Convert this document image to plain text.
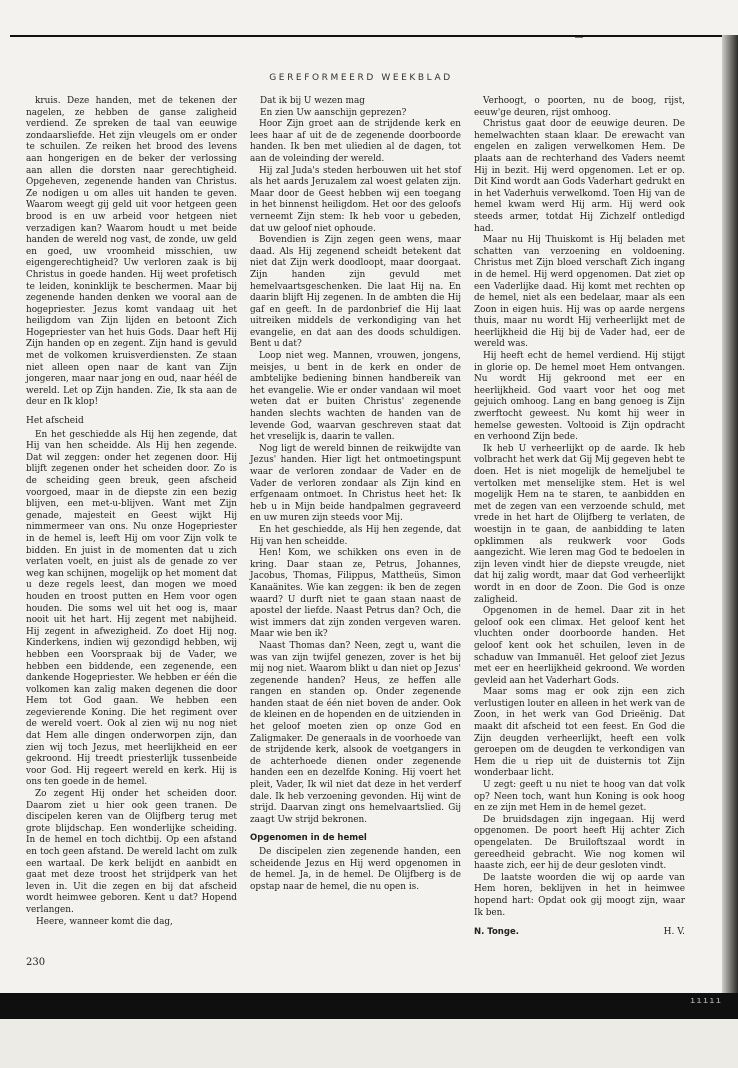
GEREFORMEERD WEEKBLAD

kruis. Deze handen, met de tekenen der nagelen, ze hebben de ganse zaligheid verdiend. Ze spreken de taal van eeuwige zondaarsliefde. Het zijn vleugels om er onder te schuilen. Ze reiken het brood des levens aan hongerigen en de beker der verlossing aan allen die dorsten naar gerechtigheid. Opgeheven, zegenende handen van Christus. Ze nodigen u om alles uit handen te geven. Waarom weegt gij geld uit voor hetgeen geen brood is en uw arbeid voor hetgeen niet verzadigen kan? Waarom houdt u met beide handen de wereld nog vast, de zonde, uw geld en goed, uw vroomheid misschien, uw eigengerechtigheid? Uw verloren zaak is bij Christus in goede handen. Hij weet profetisch te leiden, koninklijk te beschermen. Maar bij zegenende handen denken we vooral aan de hogepriester. Jezus komt vandaag uit het heiligdom van Zijn lijden en betoont Zich Hogepriester van het huis Gods. Daar heft Hij Zijn handen op en zegent. Zijn hand is gevuld met de volkomen kruisverdiensten. Ze staan niet alleen open naar de kant van Zijn jongeren, maar naar jong en oud, naar héél de wereld. Let op Zijn handen. Zie, Ik sta aan de deur en Ik klop!

Het afscheid

En het geschiedde als Hij hen zegende, dat Hij van hen scheidde. Als Hij hen zegende. Dat wil zeggen: onder het zegenen door. Hij blijft zegenen onder het scheiden door. Zo is de scheiding geen breuk, geen afscheid voorgoed, maar in de diepste zin een bezig blijven, een met-u-blijven. Want met Zijn genade, majesteit en Geest wijkt Hij nimmermeer van ons. Nu onze Hogepriester in de hemel is, leeft Hij om voor Zijn volk te bidden. En juist in de momenten dat u zich verlaten voelt, en juist als de genade zo ver weg kan schijnen, mogelijk op het moment dat u deze regels leest, dan mogen we moed houden en troost putten en Hem voor ogen houden. Die soms wel uit het oog is, maar nooit uit het hart. Hij zegent met nabijheid. Hij zegent in afwezigheid. Zo doet Hij nog. Kinderkens, indien wij gezondigd hebben, wij hebben een Voorspraak bij de Vader, we hebben een biddende, een zegenende, een dankende Hogepriester. We hebben er één die volkomen kan zalig maken degenen die door Hem tot God gaan. We hebben een zegevierende Koning. Die het regiment over de wereld voert. Ook al zien wij nu nog niet dat Hem alle dingen onderworpen zijn, dan zien wij toch Jezus, met heerlijkheid en eer gekroond. Hij treedt priesterlijk tussenbeide voor God. Hij regeert wereld en kerk. Hij is ons ten goede in de hemel.

Zo zegent Hij onder het scheiden door. Daarom ziet u hier ook geen tranen. De discipelen keren van de Olijfberg terug met grote blijdschap. Een wonderlijke scheiding. In de hemel en toch dichtbij. Op een afstand en toch geen afstand. De wereld lacht om zulk een wartaal. De kerk belijdt en aanbidt en gaat met deze troost het strijdperk van het leven in. Uit die zegen en bij dat afscheid wordt heimwee geboren. Kent u dat? Hopend verlangen.

Heere, wanneer komt die dag,

Dat ik bij U wezen mag

En zien Uw aanschijn geprezen?

Hoor Zijn groet aan de strijdende kerk en lees haar af uit de de zegenende doorboorde handen. Ik ben met uliedien al de dagen, tot aan de voleinding der wereld.

Hij zal Juda's steden herbouwen uit het stof als het aards Jeruzalem zal woest gelaten zijn. Maar door de Geest hebben wij een toegang in het binnenst heiligdom. Het oor des geloofs verneemt Zijn stem: Ik heb voor u gebeden, dat uw geloof niet ophoude.

Bovendien is Zijn zegen geen wens, maar daad. Als Hij zegenend scheidt betekent dat niet dat Zijn werk doodloopt, maar doorgaat. Zijn handen zijn gevuld met hemelvaartsgeschenken. Die laat Hij na. En daarin blijft Hij zegenen. In de ambten die Hij gaf en geeft. In de pardonbrief die Hij laat uitreiken middels de verkondiging van het evangelie, en dat aan des doods schuldigen. Bent u dat?

Loop niet weg. Mannen, vrouwen, jongens, meisjes, u bent in de kerk en onder de ambtelijke bediening binnen handbereik van het evangelie. Wie er onder vandaan wil moet weten dat er buiten Christus' zegenende handen slechts wachten de handen van de levende God, waarvan geschreven staat dat het vreselijk is, daarin te vallen.

Nog ligt de wereld binnen de reikwijdte van Jezus' handen. Hier ligt het ontmoetingspunt waar de verloren zondaar de Vader en de Vader de verloren zondaar als Zijn kind en erfgenaam ontmoet. In Christus heet het: Ik heb u in Mijn beide handpalmen gegraveerd en uw muren zijn steeds voor Mij.

En het geschiedde, als Hij hen zegende, dat Hij van hen scheidde.

Hen! Kom, we schikken ons even in de kring. Daar staan ze, Petrus, Johannes, Jacobus, Thomas, Filippus, Mattheüs, Simon Kanaänites. Wie kan zeggen: ik ben de zegen waard? U durft niet te gaan staan naast de apostel der liefde. Naast Petrus dan? Och, die wist immers dat zijn zonden vergeven waren. Maar wie ben ik?

Naast Thomas dan? Neen, zegt u, want die was van zijn twijfel genezen, zover is het bij mij nog niet. Waarom blikt u dan niet op Jezus' zegenende handen? Heus, ze heffen alle rangen en standen op. Onder zegenende handen staat de één niet boven de ander. Ook de kleinen en de hopenden en de uitzienden in het geloof moeten zien op onze God en Zaligmaker. De generaals in de voorhoede van de strijdende kerk, alsook de voetgangers in de achterhoede dienen onder zegenende handen een en dezelfde Koning. Hij voert het pleit, Vader, Ik wil niet dat deze in het verderf dale. Ik heb verzoening gevonden. Hij wint de strijd. Daarvan zingt ons hemelvaartslied. Gij zaagt Uw strijd bekronen.

Opgenomen in de hemel

De discipelen zien zegenende handen, een scheidende Jezus en Hij werd opgenomen in de hemel. Ja, in de hemel. De Olijfberg is de opstap naar de hemel, die nu open is.

Verhoogt, o poorten, nu de boog, rijst, eeuw'ge deuren, rijst omhoog.

Christus gaat door de eeuwige deuren. De hemelwachten staan klaar. De erewacht van engelen en zaligen verwelkomen Hem. De plaats aan de rechterhand des Vaders neemt Hij in bezit. Hij werd opgenomen. Let er op. Dit Kind wordt aan Gods Vaderhart gedrukt en in het Vaderhuis verwelkomd. Toen Hij van de hemel kwam werd Hij arm. Hij werd ook steeds armer, totdat Hij Zichzelf ontledigd had.

Maar nu Hij Thuiskomt is Hij beladen met schatten van verzoening en voldoening. Christus met Zijn bloed verschaft Zich ingang in de hemel. Hij werd opgenomen. Dat ziet op een Vaderlijke daad. Hij komt met rechten op de hemel, niet als een bedelaar, maar als een Zoon in eigen huis. Hij was op aarde nergens thuis, maar nu wordt Hij verheerlijkt met de heerlijkheid die Hij bij de Vader had, eer de wereld was.

Hij heeft echt de hemel verdiend. Hij stijgt in glorie op. De hemel moet Hem ontvangen. Nu wordt Hij gekroond met eer en heerlijkheid. God vaart voor het oog met gejuich omhoog. Lang en bang genoeg is Zijn zwerftocht geweest. Nu komt hij weer in hemelse gewesten. Voltooid is Zijn opdracht en verhoond Zijn bede.

Ik heb U verheerlijkt op de aarde. Ik heb volbracht het werk dat Gij Mij gegeven hebt te doen. Het is niet mogelijk de hemeljubel te vertolken met menselijke stem. Het is wel mogelijk Hem na te staren, te aanbidden en met de zegen van een verzoende schuld, met vrede in het hart de Olijfberg te verlaten, de woestijn in te gaan, de aanbidding te laten opklimmen als reukwerk voor Gods aangezicht. Wie leren mag God te bedoelen in zijn leven vindt hier de diepste vreugde, niet dat hij zalig wordt, maar dat God verheerlijkt wordt in en door de Zoon. Die God is onze zaligheid.

Opgenomen in de hemel. Daar zit in het geloof ook een climax. Het geloof kent het vluchten onder doorboorde handen. Het geloof kent ook het schuilen, leven in de schaduw van Immanuël. Het geloof ziet Jezus met eer en heerlijkheid gekroond. We worden gevleid aan het Vaderhart Gods.

Maar soms mag er ook zijn een zich verlustigen louter en alleen in het werk van de Zoon, in het werk van God Drieënig. Dat maakt dit afscheid tot een feest. En God die Zijn deugden verheerlijkt, heeft een volk geroepen om de deugden te verkondigen van Hem die u riep uit de duisternis tot Zijn wonderbaar licht.

U zegt: geeft u nu niet te hoog van dat volk op? Neen toch, want hun Koning is ook hoog en ze zijn met Hem in de hemel gezet.

De bruidsdagen zijn ingegaan. Hij werd opgenomen. De poort heeft Hij achter Zich opengelaten. De Bruiloftszaal wordt in gereedheid gebracht. Wie nog komen wil haaste zich, eer hij de deur gesloten vindt.

De laatste woorden die wij op aarde van Hem horen, beklijven in het in heimwee hopend hart: Opdat ook gij moogt zijn, waar Ik ben.

N. Tonge.	H. V.
230
ııııı
